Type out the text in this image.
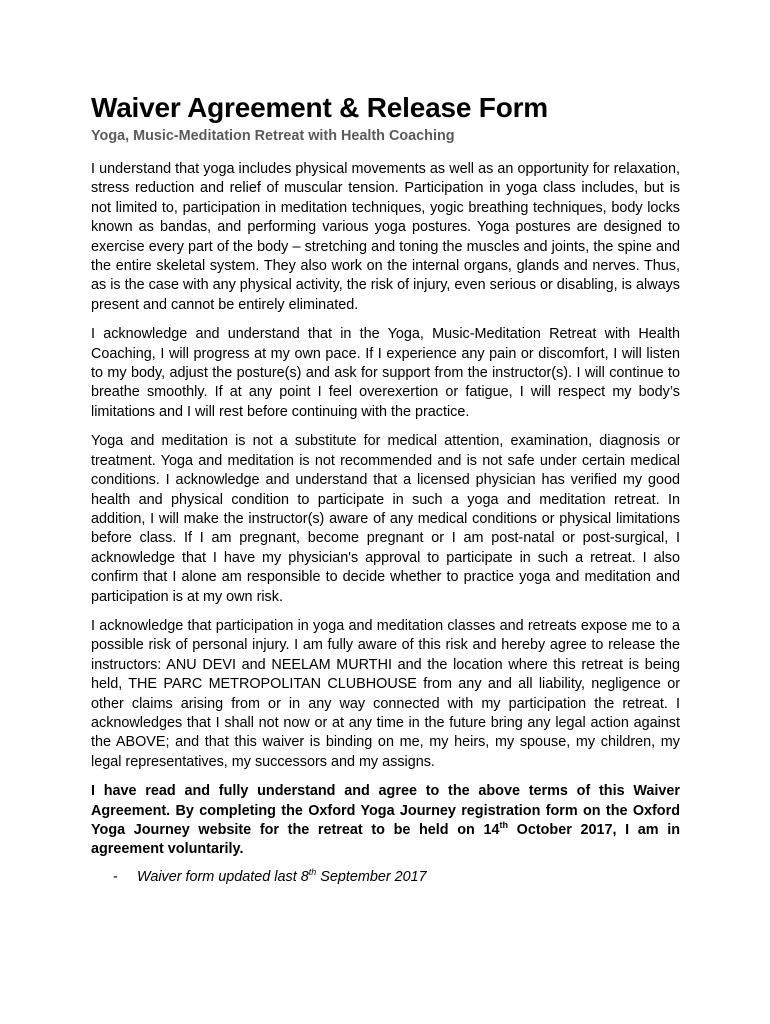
Waiver Agreement & Release Form
Yoga, Music-Meditation Retreat with Health Coaching

I understand that yoga includes physical movements as well as an opportunity for relaxation, stress reduction and relief of muscular tension. Participation in yoga class includes, but is not limited to, participation in meditation techniques, yogic breathing techniques, body locks known as bandas, and performing various yoga postures. Yoga postures are designed to exercise every part of the body – stretching and toning the muscles and joints, the spine and the entire skeletal system. They also work on the internal organs, glands and nerves. Thus, as is the case with any physical activity, the risk of injury, even serious or disabling, is always present and cannot be entirely eliminated.

I acknowledge and understand that in the Yoga, Music-Meditation Retreat with Health Coaching, I will progress at my own pace. If I experience any pain or discomfort, I will listen to my body, adjust the posture(s) and ask for support from the instructor(s). I will continue to breathe smoothly. If at any point I feel overexertion or fatigue, I will respect my body’s limitations and I will rest before continuing with the practice.

Yoga and meditation is not a substitute for medical attention, examination, diagnosis or treatment. Yoga and meditation is not recommended and is not safe under certain medical conditions. I acknowledge and understand that a licensed physician has verified my good health and physical condition to participate in such a yoga and meditation retreat. In addition, I will make the instructor(s) aware of any medical conditions or physical limitations before class. If I am pregnant, become pregnant or I am post-natal or post-surgical, I acknowledge that I have my physician's approval to participate in such a retreat. I also confirm that I alone am responsible to decide whether to practice yoga and meditation and participation is at my own risk.

I acknowledge that participation in yoga and meditation classes and retreats expose me to a possible risk of personal injury. I am fully aware of this risk and hereby agree to release the instructors: ANU DEVI and NEELAM MURTHI and the location where this retreat is being held, THE PARC METROPOLITAN CLUBHOUSE from any and all liability, negligence or other claims arising from or in any way connected with my participation the retreat. I acknowledges that I shall not now or at any time in the future bring any legal action against the ABOVE; and that this waiver is binding on me, my heirs, my spouse, my children, my legal representatives, my successors and my assigns.

I have read and fully understand and agree to the above terms of this Waiver Agreement. By completing the Oxford Yoga Journey registration form on the Oxford Yoga Journey website for the retreat to be held on 14th October 2017, I am in agreement voluntarily.

-	Waiver form updated last 8th September 2017
